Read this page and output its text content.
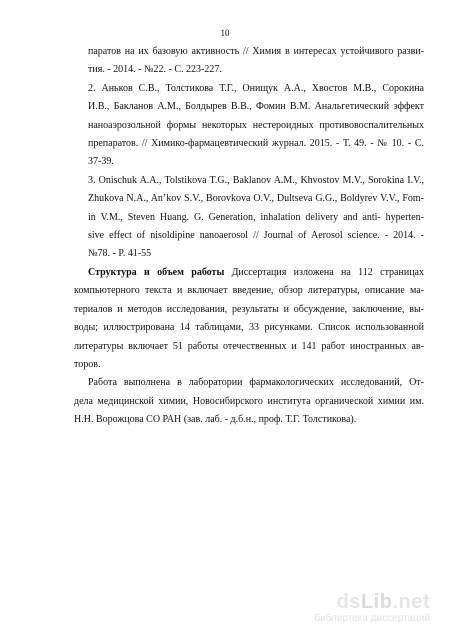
10
паратов на их базовую активность // Химия в интересах устойчивого разви-
тия. - 2014. - №22. - С. 223-227.
2. Аньков С.В., Толстикова Т.Г., Онищук А.А., Хвостов М.В., Сорокина
И.В., Бакланов А.М., Болдырев В.В., Фомин В.М. Анальгетический эффект
наноаэрозольной формы некоторых нестероидных противовоспалительных
препаратов. // Химико-фармацевтический журнал. 2015. - Т. 49. - № 10. - С.
37-39.
3. Onischuk A.A., Tolstikova T.G., Baklanov A.M., Khvostov M.V., Sorokina I.V.,
Zhukova N.A., An’kov S.V., Borovkova O.V., Dultseva G.G., Boldyrev V.V., Fom-
in V.M., Steven Huang. G. Generation, inhalation delivery and anti- hyperten-
sive effect of nisoldipine nanoaerosol // Journal of Aerosol science. - 2014. -
№78. - P. 41-55
Структура и объем работы Диссертация изложена на 112 страницах
компьютерного текста и включает введение, обзор литературы, описание ма-
териалов и методов исследования, результаты и обсуждение, заключение, вы-
воды; иллюстрирована 14 таблицами, 33 рисунками. Список использованной
литературы включает 51 работы отечественных и 141 работ иностранных ав-
торов.
Работа выполнена в лаборатории фармакологических исследований, От-
дела медицинской химии, Новосибирского института органической химии им.
Н.Н. Ворожцова СО РАН (зав. лаб. - д.б.н., проф. Т.Г. Толстикова).
dsLib.net
библиотека диссертаций
